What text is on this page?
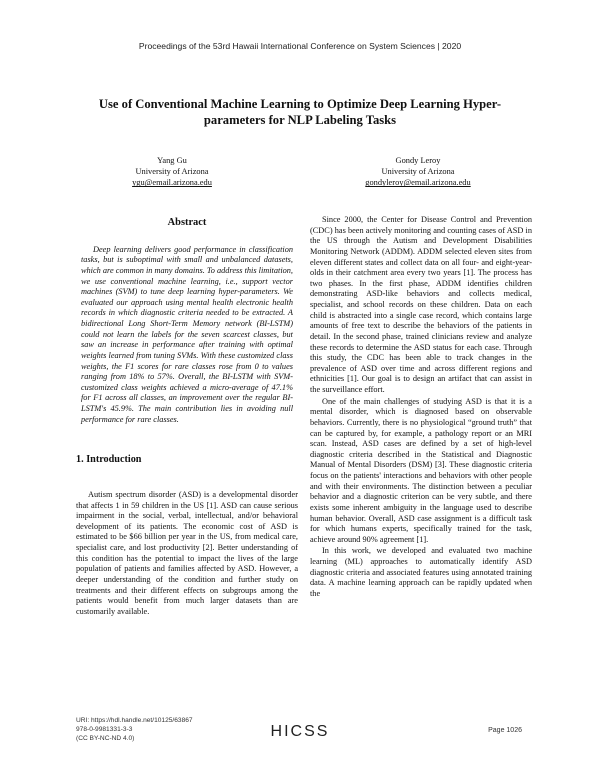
Proceedings of the 53rd Hawaii International Conference on System Sciences | 2020
Use of Conventional Machine Learning to Optimize Deep Learning Hyper-
parameters for NLP Labeling Tasks
Yang Gu
University of Arizona
ygu@email.arizona.edu
Gondy Leroy
University of Arizona
gondyleroy@email.arizona.edu
Abstract

Deep learning delivers good performance in classification tasks, but is suboptimal with small and unbalanced datasets, which are common in many domains. To address this limitation, we use conventional machine learning, i.e., support vector machines (SVM) to tune deep learning hyper-parameters. We evaluated our approach using mental health electronic health records in which diagnostic criteria needed to be extracted. A bidirectional Long Short-Term Memory network (BI-LSTM) could not learn the labels for the seven scarcest classes, but saw an increase in performance after training with optimal weights learned from tuning SVMs. With these customized class weights, the F1 scores for rare classes rose from 0 to values ranging from 18% to 57%. Overall, the BI-LSTM with SVM-customized class weights achieved a micro-average of 47.1% for F1 across all classes, an improvement over the regular BI-LSTM's 45.9%. The main contribution lies in avoiding null performance for rare classes.

1. Introduction

Autism spectrum disorder (ASD) is a developmental disorder that affects 1 in 59 children in the US [1]. ASD can cause serious impairment in the social, verbal, intellectual, and/or behavioral development of its patients. The economic cost of ASD is estimated to be $66 billion per year in the US, from medical care, specialist care, and lost productivity [2]. Better understanding of this condition has the potential to impact the lives of the large population of patients and families affected by ASD. However, a deeper understanding of the condition and further study on treatments and their different effects on subgroups among the patients would benefit from much larger datasets than are customarily available.

Since 2000, the Center for Disease Control and Prevention (CDC) has been actively monitoring and counting cases of ASD in the US through the Autism and Development Disabilities Monitoring Network (ADDM). ADDM selected eleven sites from eleven different states and collect data on all four- and eight-year-olds in their catchment area every two years [1]. The process has two phases. In the first phase, ADDM identifies children demonstrating ASD-like behaviors and collects medical, specialist, and school records on these children. Data on each child is abstracted into a single case record, which contains large amounts of free text to describe the behaviors of the patients in detail. In the second phase, trained clinicians review and analyze these records to determine the ASD status for each case. Through this study, the CDC has been able to track changes in the prevalence of ASD over time and across different regions and ethnicities [1]. Our goal is to design an artifact that can assist in the surveillance effort.

One of the main challenges of studying ASD is that it is a mental disorder, which is diagnosed based on observable behaviors. Currently, there is no physiological “ground truth” that can be captured by, for example, a pathology report or an MRI scan. Instead, ASD cases are defined by a set of high-level diagnostic criteria described in the Statistical and Diagnostic Manual of Mental Disorders (DSM) [3]. These diagnostic criteria focus on the patients' interactions and behaviors with other people and with their environments. The distinction between a peculiar behavior and a diagnostic criterion can be very subtle, and there exists some inherent ambiguity in the language used to describe human behavior. Overall, ASD case assignment is a difficult task for which humans experts, specifically trained for the task, achieve around 90% agreement [1].

In this work, we developed and evaluated two machine learning (ML) approaches to automatically identify ASD diagnostic criteria and associated features using annotated training data. A machine learning approach can be rapidly updated when the

URI: https://hdl.handle.net/10125/63867
978-0-9981331-3-3
(CC BY-NC-ND 4.0)	HICSS	Page 1026
